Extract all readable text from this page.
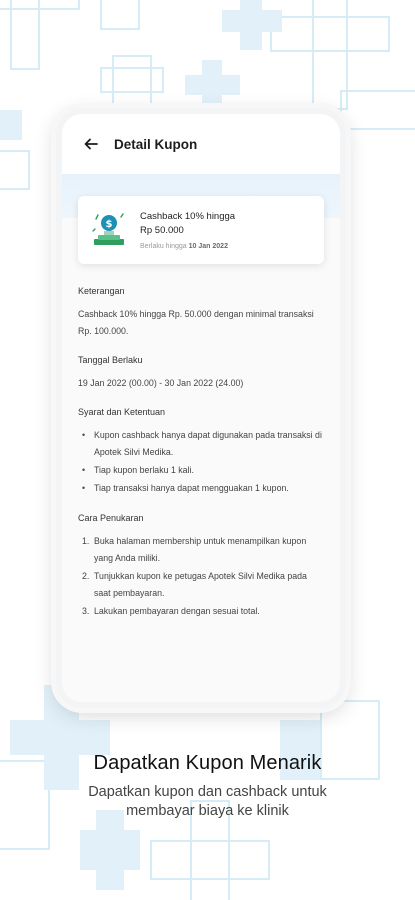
Detail Kupon
$
Cashback 10% hingga
Rp 50.000
Berlaku hingga 10 Jan 2022
Keterangan
Cashback 10% hingga Rp. 50.000 dengan minimal transaksi Rp. 100.000.
Tanggal Berlaku
19 Jan 2022 (00.00) - 30 Jan 2022 (24.00)
Syarat dan Ketentuan
• Kupon cashback hanya dapat digunakan pada transaksi di Apotek Silvi Medika.
• Tiap kupon berlaku 1 kali.
• Tiap transaksi hanya dapat mengguakan 1 kupon.
Cara Penukaran
1. Buka halaman membership untuk menampilkan kupon yang Anda miliki.
2. Tunjukkan kupon ke petugas Apotek Silvi Medika pada saat pembayaran.
3. Lakukan pembayaran dengan sesuai total.
Dapatkan Kupon Menarik
Dapatkan kupon dan cashback untuk membayar biaya ke klinik
